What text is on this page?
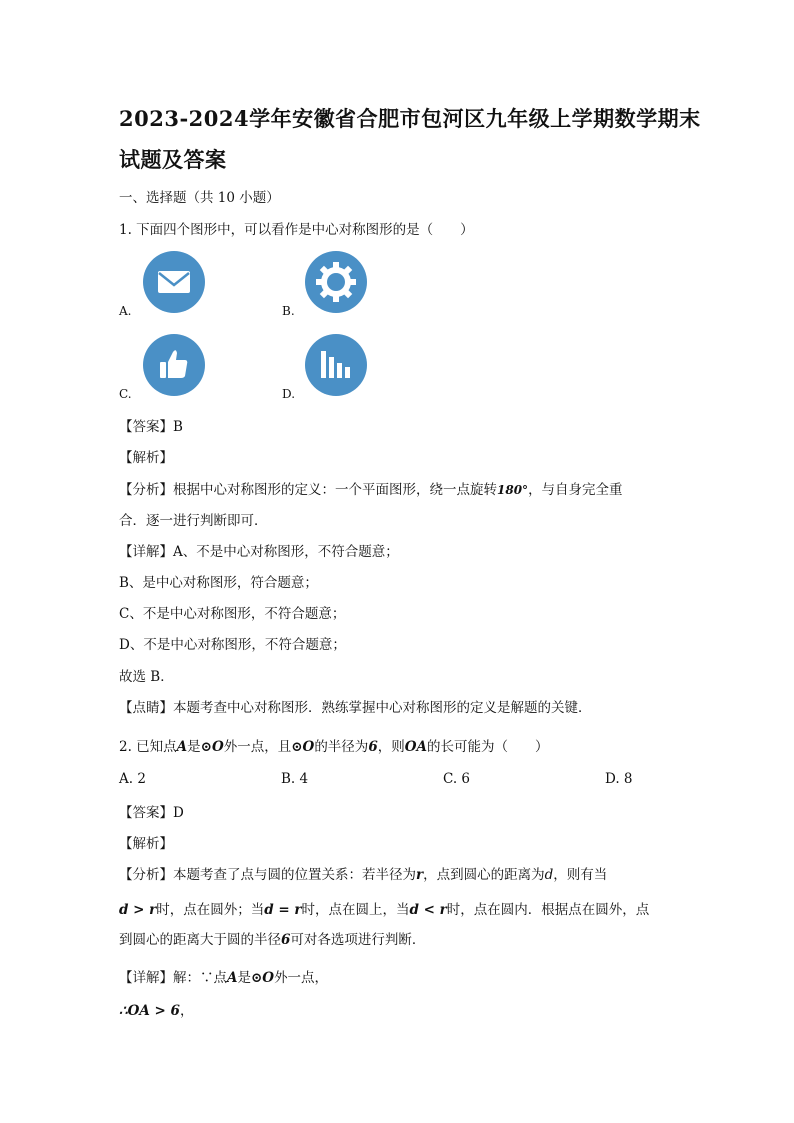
2023-2024学年安徽省合肥市包河区九年级上学期数学期末
试题及答案
一、选择题（共 10 小题）
1. 下面四个图形中，可以看作是中心对称图形的是（　　）
A.	B.
C.	D.
【答案】B
【解析】
【分析】根据中心对称图形的定义：一个平面图形，绕一点旋转180°，与自身完全重
合．逐一进行判断即可．
【详解】A、不是中心对称图形，不符合题意；
B、是中心对称图形，符合题意；
C、不是中心对称图形，不符合题意；
D、不是中心对称图形，不符合题意；
故选 B．
【点睛】本题考查中心对称图形．熟练掌握中心对称图形的定义是解题的关键．
2. 已知点A是⊙O外一点，且⊙O的半径为6，则OA的长可能为（　　）
A. 2	B. 4	C. 6	D. 8
【答案】D
【解析】
【分析】本题考查了点与圆的位置关系：若半径为r，点到圆心的距离为d，则有当
d > r时，点在圆外；当d = r时，点在圆上，当d < r时，点在圆内．根据点在圆外，点
到圆心的距离大于圆的半径6可对各选项进行判断．
【详解】解：∵点A是⊙O外一点，
∴OA > 6，
